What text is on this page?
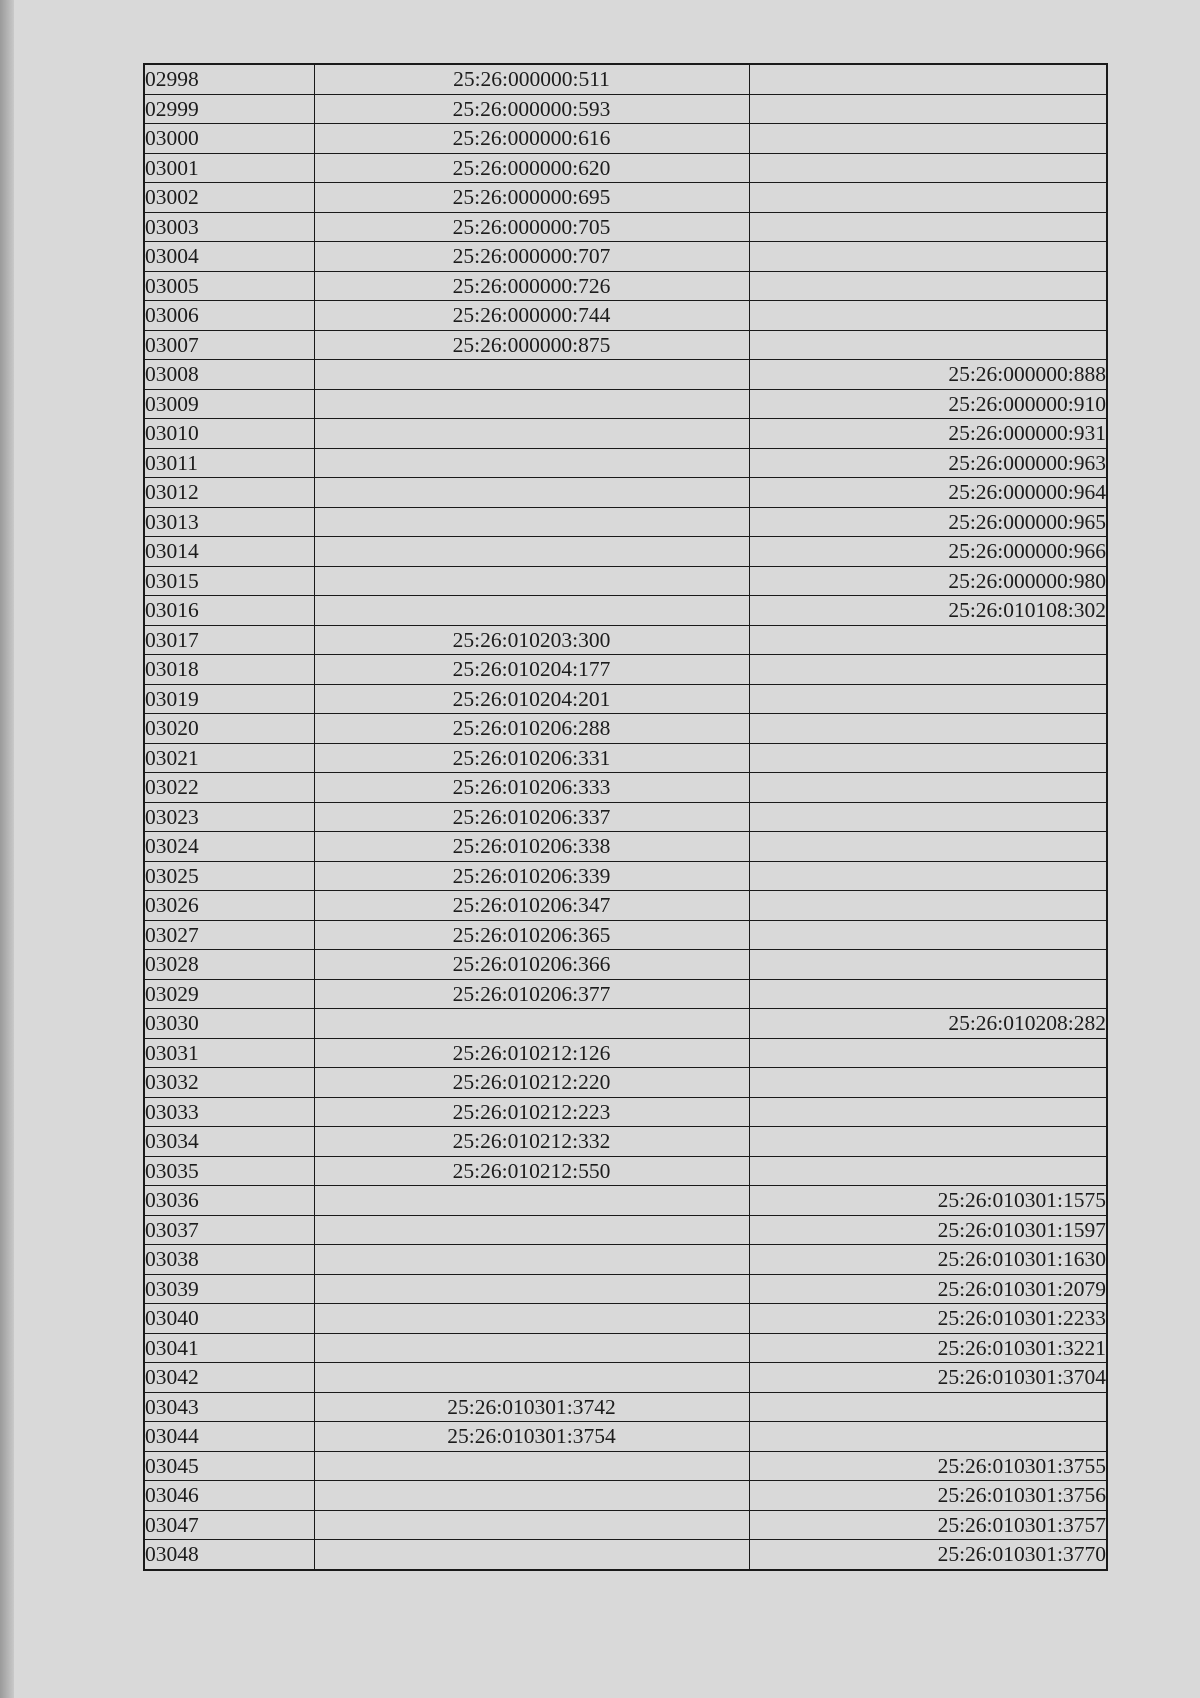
02998	25:26:000000:511	
02999	25:26:000000:593	
03000	25:26:000000:616	
03001	25:26:000000:620	
03002	25:26:000000:695	
03003	25:26:000000:705	
03004	25:26:000000:707	
03005	25:26:000000:726	
03006	25:26:000000:744	
03007	25:26:000000:875	
03008		25:26:000000:888
03009		25:26:000000:910
03010		25:26:000000:931
03011		25:26:000000:963
03012		25:26:000000:964
03013		25:26:000000:965
03014		25:26:000000:966
03015		25:26:000000:980
03016		25:26:010108:302
03017	25:26:010203:300	
03018	25:26:010204:177	
03019	25:26:010204:201	
03020	25:26:010206:288	
03021	25:26:010206:331	
03022	25:26:010206:333	
03023	25:26:010206:337	
03024	25:26:010206:338	
03025	25:26:010206:339	
03026	25:26:010206:347	
03027	25:26:010206:365	
03028	25:26:010206:366	
03029	25:26:010206:377	
03030		25:26:010208:282
03031	25:26:010212:126	
03032	25:26:010212:220	
03033	25:26:010212:223	
03034	25:26:010212:332	
03035	25:26:010212:550	
03036		25:26:010301:1575
03037		25:26:010301:1597
03038		25:26:010301:1630
03039		25:26:010301:2079
03040		25:26:010301:2233
03041		25:26:010301:3221
03042		25:26:010301:3704
03043	25:26:010301:3742	
03044	25:26:010301:3754	
03045		25:26:010301:3755
03046		25:26:010301:3756
03047		25:26:010301:3757
03048		25:26:010301:3770
